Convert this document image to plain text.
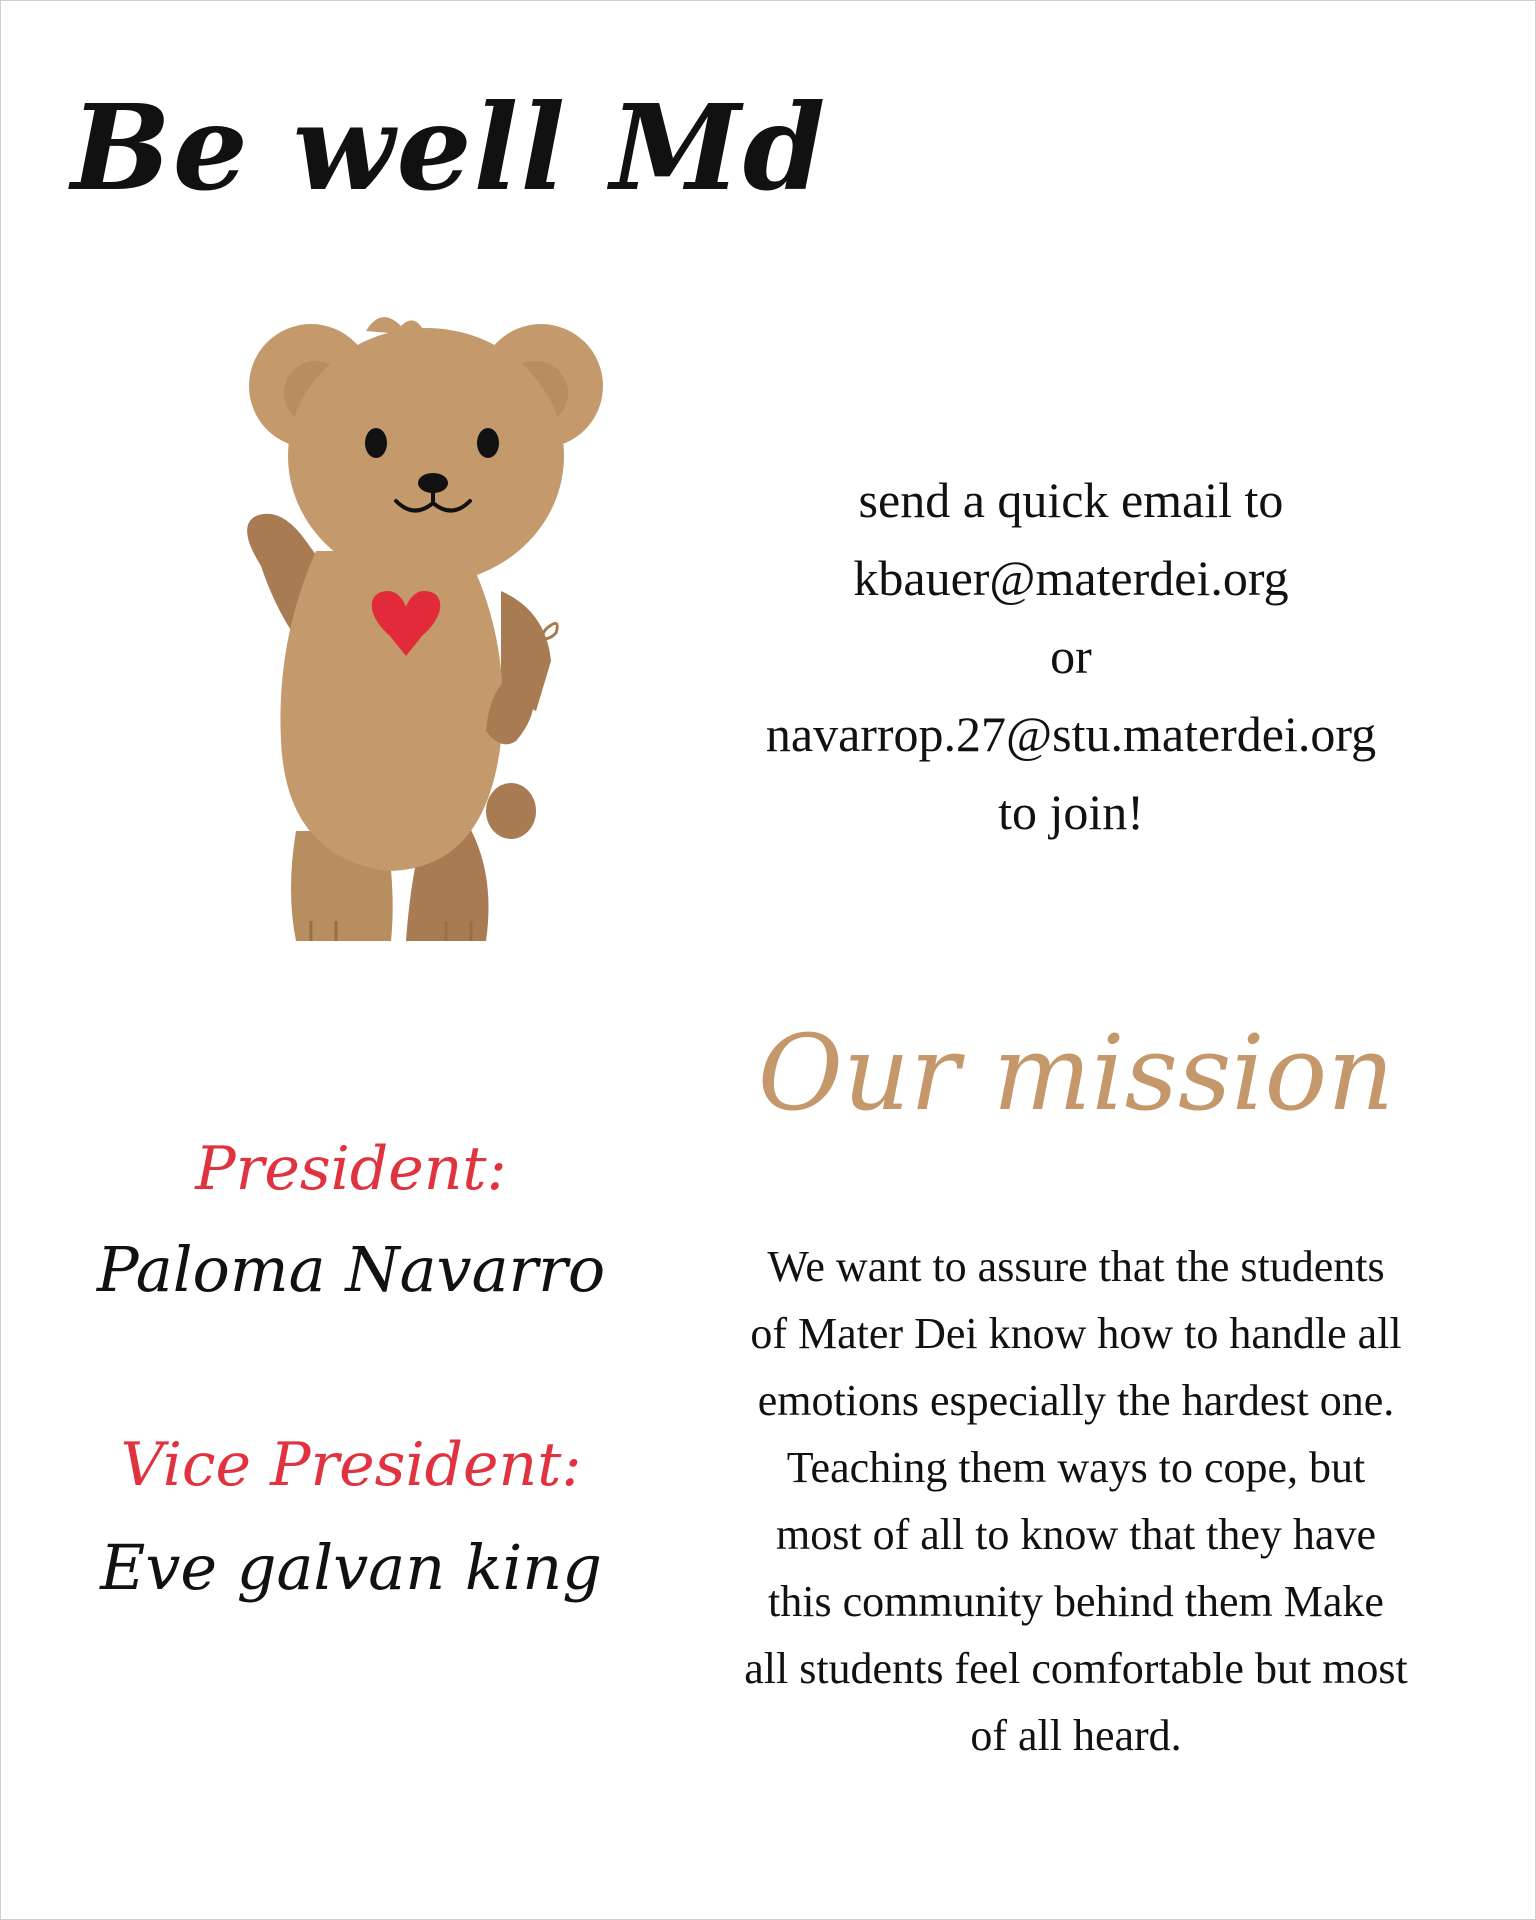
Be well Md
send a quick email to
kbauer@materdei.org
or
navarrop.27@stu.materdei.org
to join!
Our mission
We want to assure that the students
of Mater Dei know how to handle all
emotions especially the hardest one.
Teaching them ways to cope, but
most of all to know that they have
this community behind them Make
all students feel comfortable but most
of all heard.
President:
Paloma Navarro
Vice President:
Eve galvan king
